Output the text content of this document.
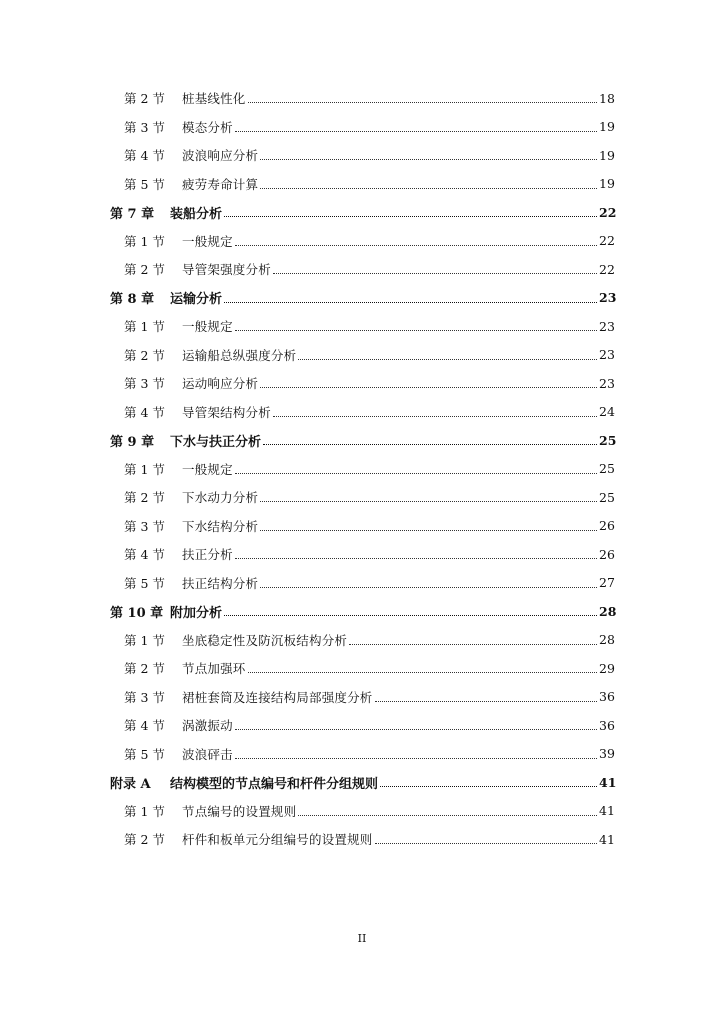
第 2 节	桩基线性化	18
第 3 节	模态分析	19
第 4 节	波浪响应分析	19
第 5 节	疲劳寿命计算	19
第 7 章	装船分析	22
第 1 节	一般规定	22
第 2 节	导管架强度分析	22
第 8 章	运输分析	23
第 1 节	一般规定	23
第 2 节	运输船总纵强度分析	23
第 3 节	运动响应分析	23
第 4 节	导管架结构分析	24
第 9 章	下水与扶正分析	25
第 1 节	一般规定	25
第 2 节	下水动力分析	25
第 3 节	下水结构分析	26
第 4 节	扶正分析	26
第 5 节	扶正结构分析	27
第 10 章 附加分析	28
第 1 节	坐底稳定性及防沉板结构分析	28
第 2 节	节点加强环	29
第 3 节	裙桩套筒及连接结构局部强度分析	36
第 4 节	涡激振动	36
第 5 节	波浪砰击	39
附录 A	结构模型的节点编号和杆件分组规则	41
第 1 节	节点编号的设置规则	41
第 2 节	杆件和板单元分组编号的设置规则	41
II
